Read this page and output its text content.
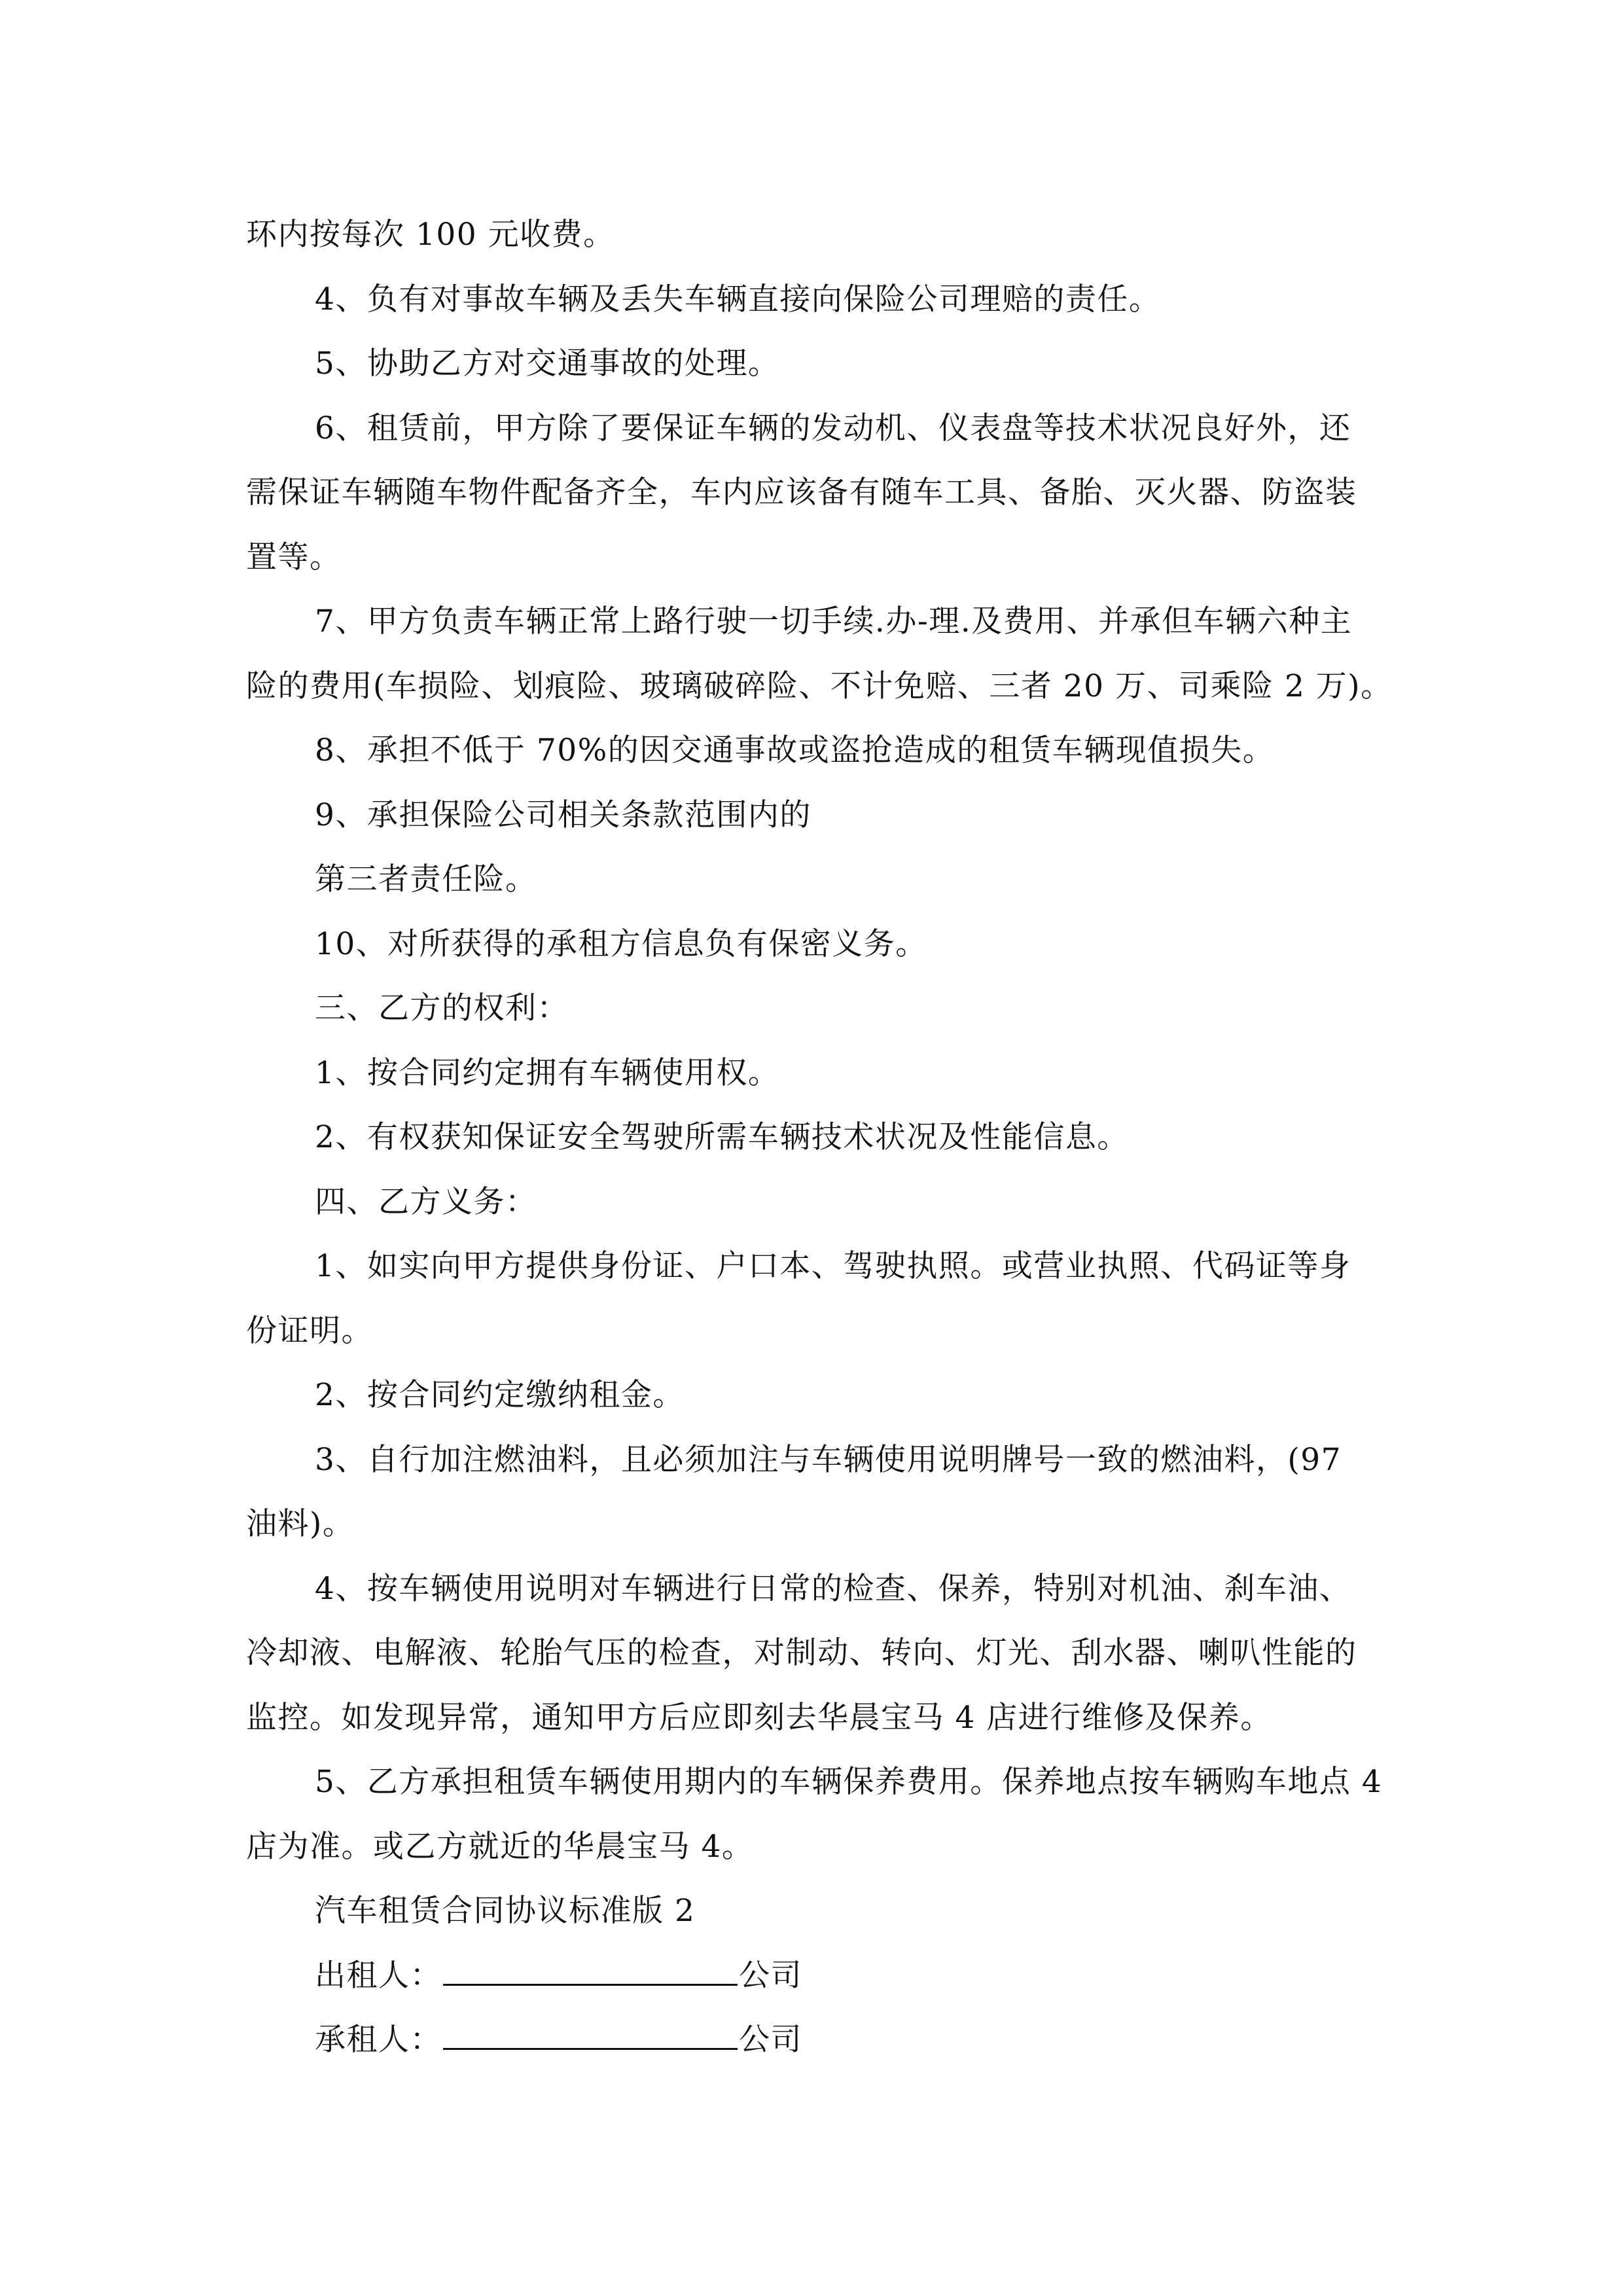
环内按每次 100 元收费。
4、负有对事故车辆及丢失车辆直接向保险公司理赔的责任。
5、协助乙方对交通事故的处理。
6、租赁前，甲方除了要保证车辆的发动机、仪表盘等技术状况良好外，还
需保证车辆随车物件配备齐全，车内应该备有随车工具、备胎、灭火器、防盗装
置等。
7、甲方负责车辆正常上路行驶一切手续.办-理.及费用、并承但车辆六种主
险的费用(车损险、划痕险、玻璃破碎险、不计免赔、三者 20 万、司乘险 2 万)。
8、承担不低于 70%的因交通事故或盗抢造成的租赁车辆现值损失。
9、承担保险公司相关条款范围内的
第三者责任险。
10、对所获得的承租方信息负有保密义务。
三、乙方的权利：
1、按合同约定拥有车辆使用权。
2、有权获知保证安全驾驶所需车辆技术状况及性能信息。
四、乙方义务：
1、如实向甲方提供身份证、户口本、驾驶执照。或营业执照、代码证等身
份证明。
2、按合同约定缴纳租金。
3、自行加注燃油料，且必须加注与车辆使用说明牌号一致的燃油料，(97
油料)。
4、按车辆使用说明对车辆进行日常的检查、保养，特别对机油、刹车油、
冷却液、电解液、轮胎气压的检查，对制动、转向、灯光、刮水器、喇叭性能的
监控。如发现异常，通知甲方后应即刻去华晨宝马 4 店进行维修及保养。
5、乙方承担租赁车辆使用期内的车辆保养费用。保养地点按车辆购车地点 4
店为准。或乙方就近的华晨宝马 4。
汽车租赁合同协议标准版 2
出租人：	公司
承租人：	公司
